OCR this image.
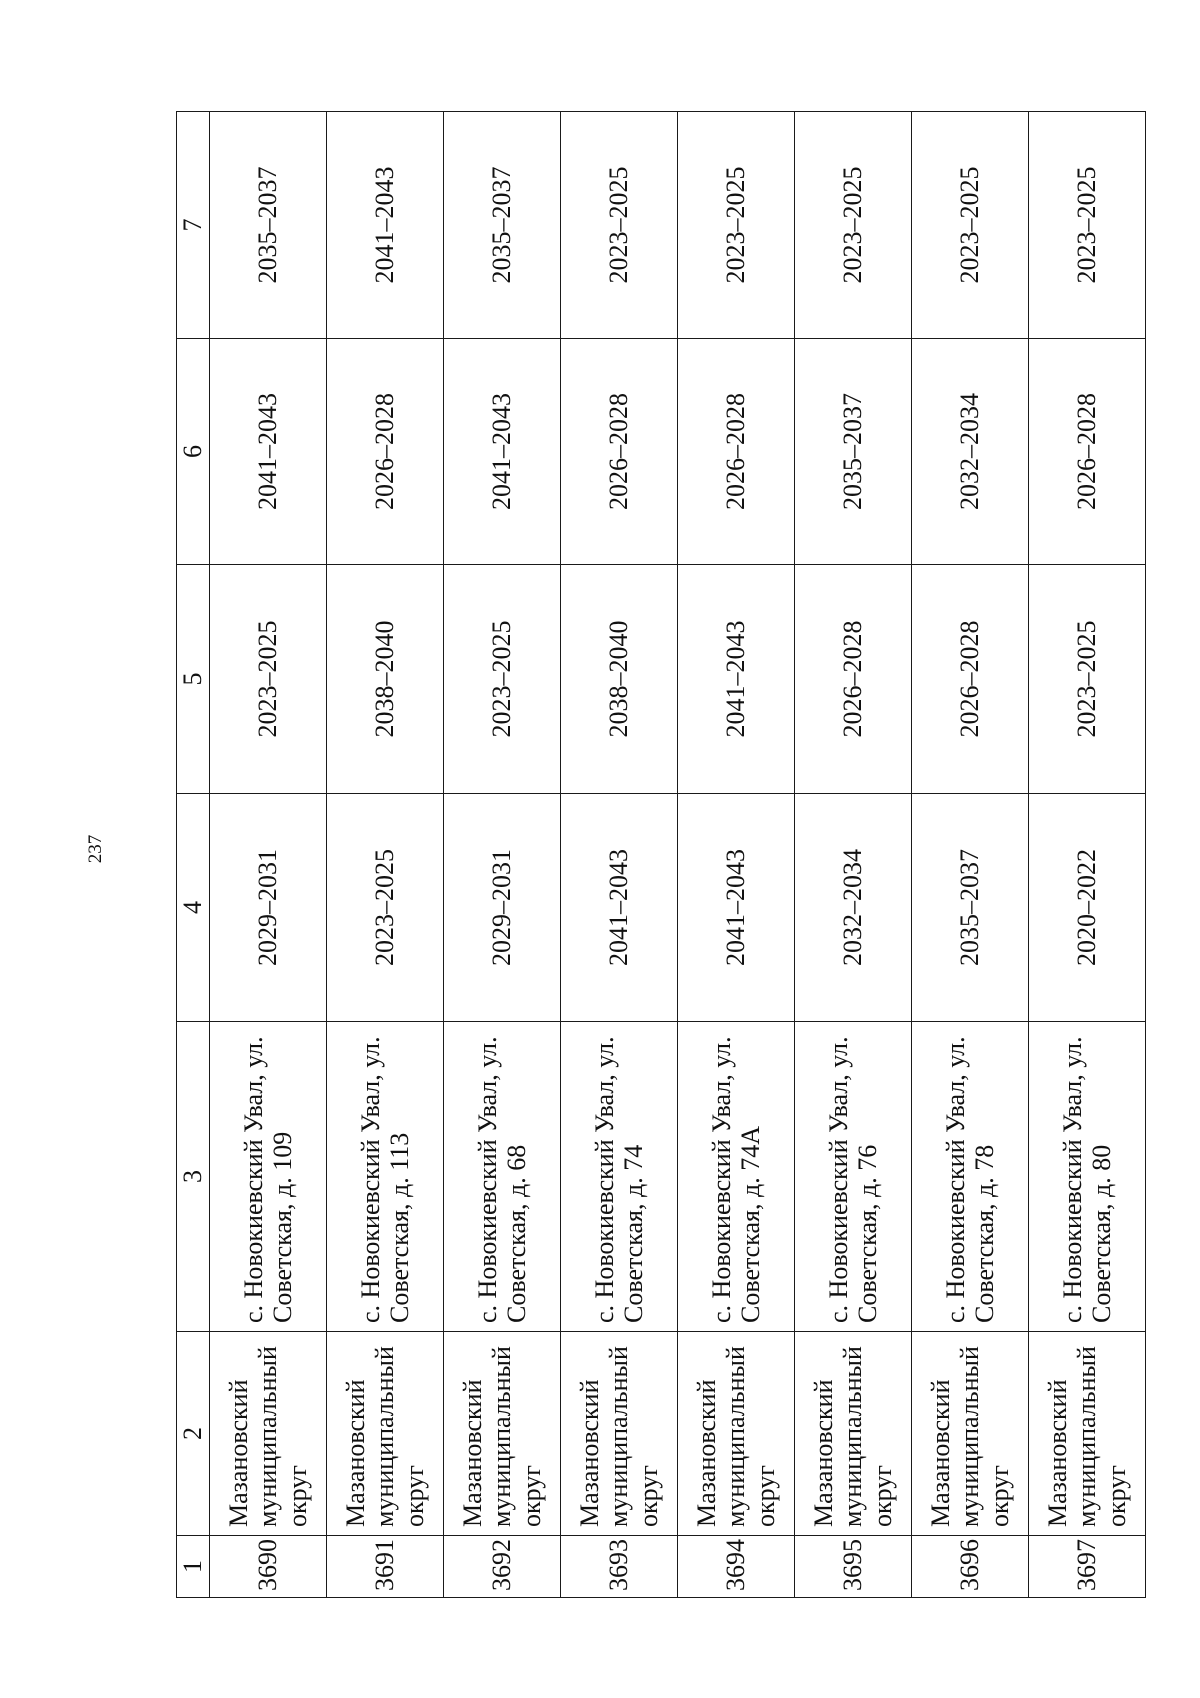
237
1	2	3	4	5	6	7
3690	Мазановский муниципальный округ	с. Новокиевский Увал, ул. Советская, д. 109	2029–2031	2023–2025	2041–2043	2035–2037
3691	Мазановский муниципальный округ	с. Новокиевский Увал, ул. Советская, д. 113	2023–2025	2038–2040	2026–2028	2041–2043
3692	Мазановский муниципальный округ	с. Новокиевский Увал, ул. Советская, д. 68	2029–2031	2023–2025	2041–2043	2035–2037
3693	Мазановский муниципальный округ	с. Новокиевский Увал, ул. Советская, д. 74	2041–2043	2038–2040	2026–2028	2023–2025
3694	Мазановский муниципальный округ	с. Новокиевский Увал, ул. Советская, д. 74А	2041–2043	2041–2043	2026–2028	2023–2025
3695	Мазановский муниципальный округ	с. Новокиевский Увал, ул. Советская, д. 76	2032–2034	2026–2028	2035–2037	2023–2025
3696	Мазановский муниципальный округ	с. Новокиевский Увал, ул. Советская, д. 78	2035–2037	2026–2028	2032–2034	2023–2025
3697	Мазановский муниципальный округ	с. Новокиевский Увал, ул. Советская, д. 80	2020–2022	2023–2025	2026–2028	2023–2025
